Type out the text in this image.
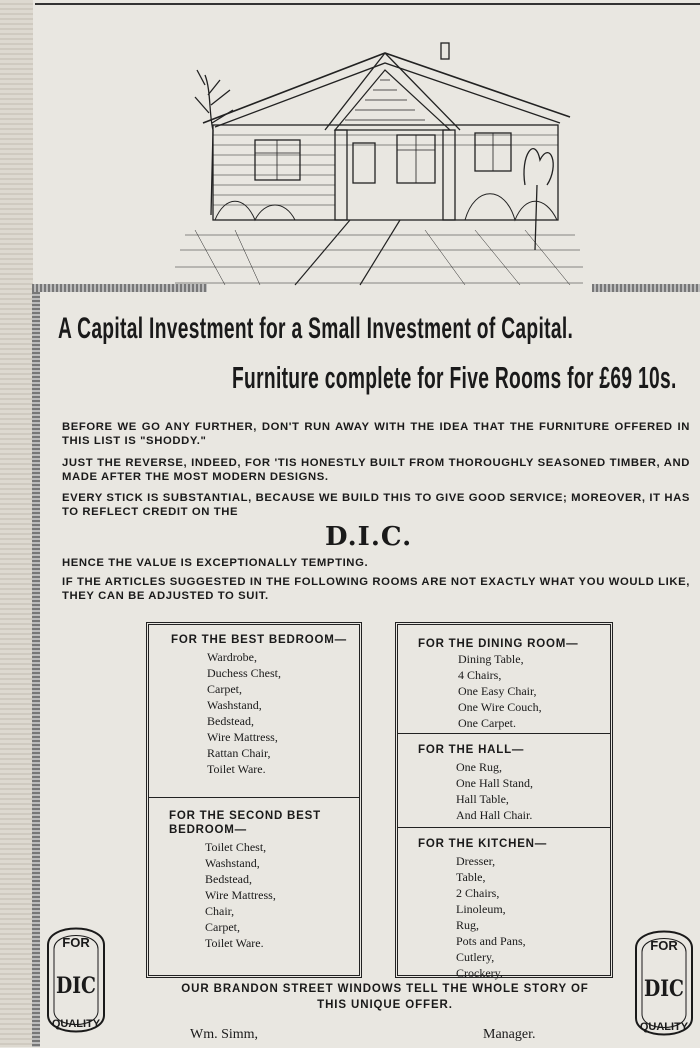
A Capital Investment for a Small Investment of Capital.
Furniture complete for Five Rooms for £69 10s.
BEFORE WE GO ANY FURTHER, DON'T RUN AWAY WITH THE IDEA THAT THE FURNITURE OFFERED IN THIS LIST IS "SHODDY."
JUST THE REVERSE, INDEED, FOR 'TIS HONESTLY BUILT FROM THOROUGHLY SEASONED TIMBER, AND MADE AFTER THE MOST MODERN DESIGNS.
EVERY STICK IS SUBSTANTIAL, BECAUSE WE BUILD THIS TO GIVE GOOD SERVICE; MOREOVER, IT HAS TO REFLECT CREDIT ON THE
D.I.C.
HENCE THE VALUE IS EXCEPTIONALLY TEMPTING.
IF THE ARTICLES SUGGESTED IN THE FOLLOWING ROOMS ARE NOT EXACTLY WHAT YOU WOULD LIKE, THEY CAN BE ADJUSTED TO SUIT.
FOR THE BEST BEDROOM—
Wardrobe,
Duchess Chest,
Carpet,
Washstand,
Bedstead,
Wire Mattress,
Rattan Chair,
Toilet Ware.
FOR THE SECOND BEST BEDROOM—
Toilet Chest,
Washstand,
Bedstead,
Wire Mattress,
Chair,
Carpet,
Toilet Ware.
FOR THE DINING ROOM—
Dining Table,
4 Chairs,
One Easy Chair,
One Wire Couch,
One Carpet.
FOR THE HALL—
One Rug,
One Hall Stand,
Hall Table,
And Hall Chair.
FOR THE KITCHEN—
Dresser,
Table,
2 Chairs,
Linoleum,
Rug,
Pots and Pans,
Cutlery,
Crockery.
OUR BRANDON STREET WINDOWS TELL THE WHOLE STORY OF
THIS UNIQUE OFFER.
Wm. Simm,	Manager.
FOR
DIC
QUALITY
FOR
DIC
QUALITY
